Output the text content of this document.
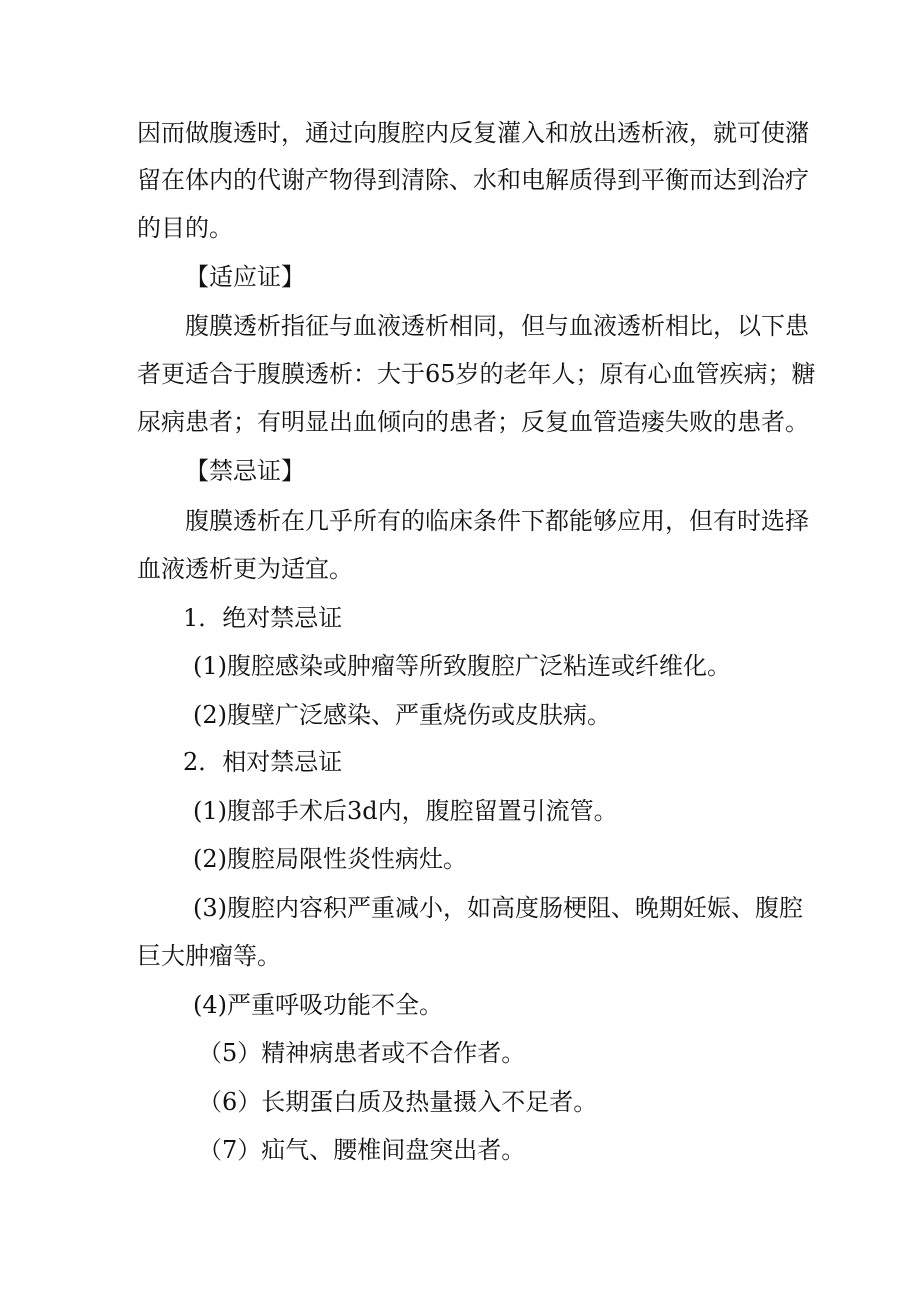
因而做腹透时，通过向腹腔内反复灌入和放出透析液，就可使潴
留在体内的代谢产物得到清除、水和电解质得到平衡而达到治疗
的目的。
【适应证】
腹膜透析指征与血液透析相同，但与血液透析相比，以下患
者更适合于腹膜透析：大于65岁的老年人；原有心血管疾病；糖
尿病患者；有明显出血倾向的患者；反复血管造瘘失败的患者。
【禁忌证】
腹膜透析在几乎所有的临床条件下都能够应用，但有时选择
血液透析更为适宜。
1．绝对禁忌证
(1)腹腔感染或肿瘤等所致腹腔广泛粘连或纤维化。
(2)腹壁广泛感染、严重烧伤或皮肤病。
2．相对禁忌证
(1)腹部手术后3d内，腹腔留置引流管。
(2)腹腔局限性炎性病灶。
(3)腹腔内容积严重减小，如高度肠梗阻、晚期妊娠、腹腔
巨大肿瘤等。
(4)严重呼吸功能不全。
（5）精神病患者或不合作者。
（6）长期蛋白质及热量摄入不足者。
（7）疝气、腰椎间盘突出者。
